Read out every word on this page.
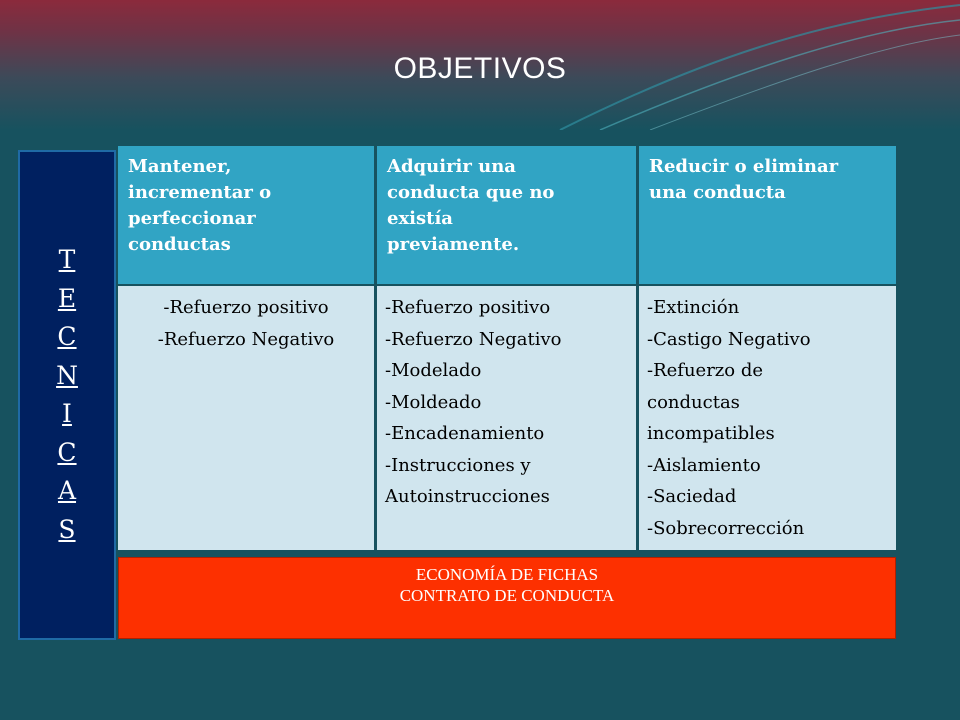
OBJETIVOS
T
E
C
N
I
C
A
S
Mantener,
incrementar o
perfeccionar
conductas
Adquirir una
conducta que no
existía
previamente.
Reducir o eliminar
una conducta
-Refuerzo positivo
-Refuerzo Negativo
-Refuerzo positivo
-Refuerzo Negativo
-Modelado
-Moldeado
-Encadenamiento
-Instrucciones y
Autoinstrucciones
-Extinción
-Castigo Negativo
-Refuerzo de
conductas
incompatibles
-Aislamiento
-Saciedad
-Sobrecorrección
ECONOMÍA DE FICHAS
CONTRATO DE CONDUCTA
